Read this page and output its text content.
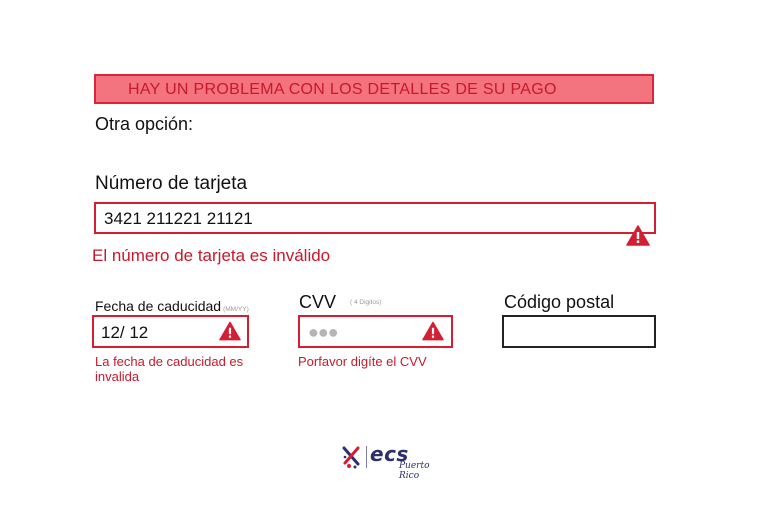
HAY UN PROBLEMA CON LOS DETALLES DE SU PAGO
Otra opción:
Número de tarjeta
3421 211221 21121
El número de tarjeta es inválido
Fecha de caducidad (MM/YY)
12/ 12
La fecha de caducidad es invalida
CVV ( 4 Digitos)
●●●
Porfavor digíte el CVV
Código postal
ecs
Puerto Rico
